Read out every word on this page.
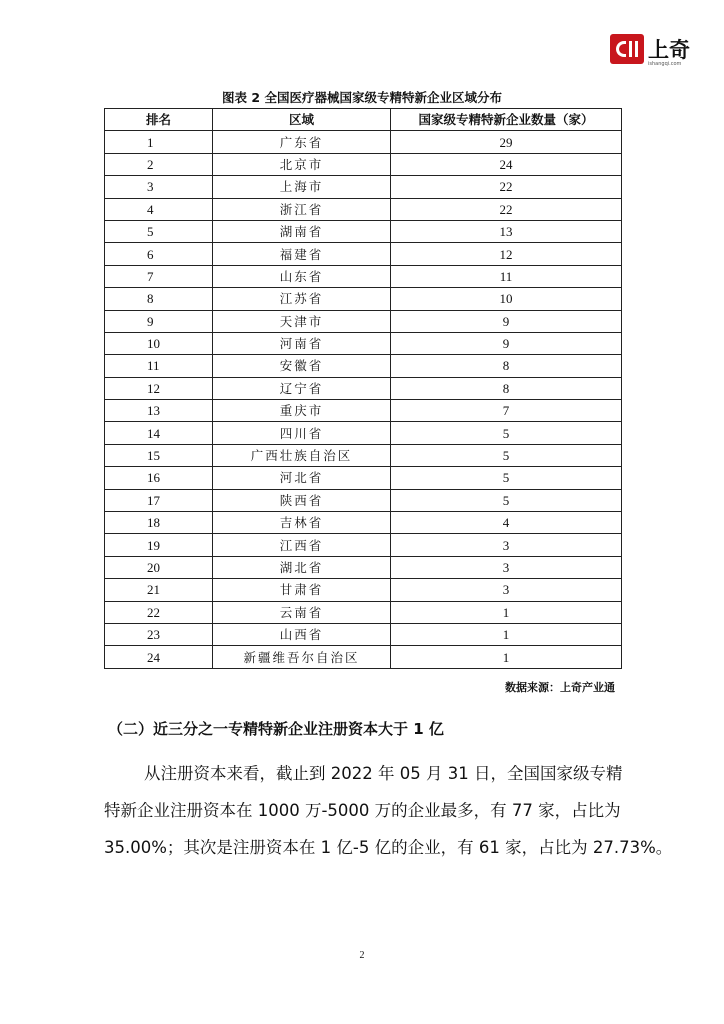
上奇
ishangqi.com
图表 2 全国医疗器械国家级专精特新企业区域分布
排名	区域	国家级专精特新企业数量（家）
1	广东省	29
2	北京市	24
3	上海市	22
4	浙江省	22
5	湖南省	13
6	福建省	12
7	山东省	11
8	江苏省	10
9	天津市	9
10	河南省	9
11	安徽省	8
12	辽宁省	8
13	重庆市	7
14	四川省	5
15	广西壮族自治区	5
16	河北省	5
17	陕西省	5
18	吉林省	4
19	江西省	3
20	湖北省	3
21	甘肃省	3
22	云南省	1
23	山西省	1
24	新疆维吾尔自治区	1
数据来源：上奇产业通
（二）近三分之一专精特新企业注册资本大于 1 亿
从注册资本来看，截止到 2022 年 05 月 31 日，全国国家级专精
特新企业注册资本在 1000 万-5000 万的企业最多，有 77 家，占比为
35.00%；其次是注册资本在 1 亿-5 亿的企业，有 61 家，占比为 27.73%。
2
